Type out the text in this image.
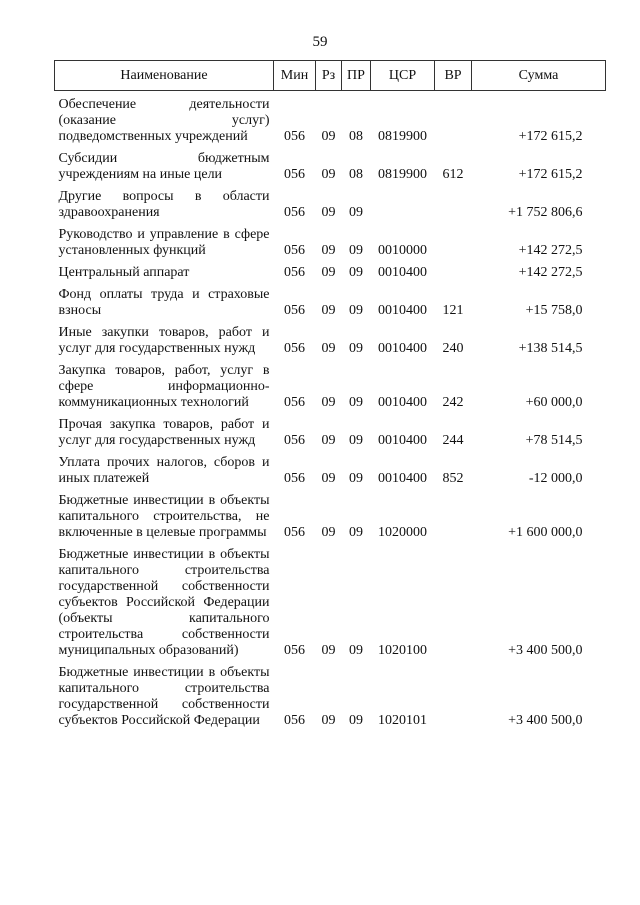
59
Наименование	Мин	Рз	ПР	ЦСР	ВР	Сумма

Обеспечение деятельности (оказание услуг) подведомственных учреждений	056	09	08	0819900		+172 615,2

Субсидии бюджетным учреждениям на иные цели	056	09	08	0819900	612	+172 615,2

Другие вопросы в области здравоохранения	056	09	09			+1 752 806,6

Руководство и управление в сфере установленных функций	056	09	09	0010000		+142 272,5

Центральный аппарат	056	09	09	0010400		+142 272,5

Фонд оплаты труда и страховые взносы	056	09	09	0010400	121	+15 758,0

Иные закупки товаров, работ и услуг для государственных нужд	056	09	09	0010400	240	+138 514,5

Закупка товаров, работ, услуг в сфере информационно-коммуникационных технологий	056	09	09	0010400	242	+60 000,0

Прочая закупка товаров, работ и услуг для государственных нужд	056	09	09	0010400	244	+78 514,5

Уплата прочих налогов, сборов и иных платежей	056	09	09	0010400	852	-12 000,0

Бюджетные инвестиции в объекты капитального строительства, не включенные в целевые программы	056	09	09	1020000		+1 600 000,0

Бюджетные инвестиции в объекты капитального строительства государственной собственности субъектов Российской Федерации (объекты капитального строительства собственности муниципальных образований)	056	09	09	1020100		+3 400 500,0

Бюджетные инвестиции в объекты капитального строительства государственной собственности субъектов Российской Федерации	056	09	09	1020101		+3 400 500,0
